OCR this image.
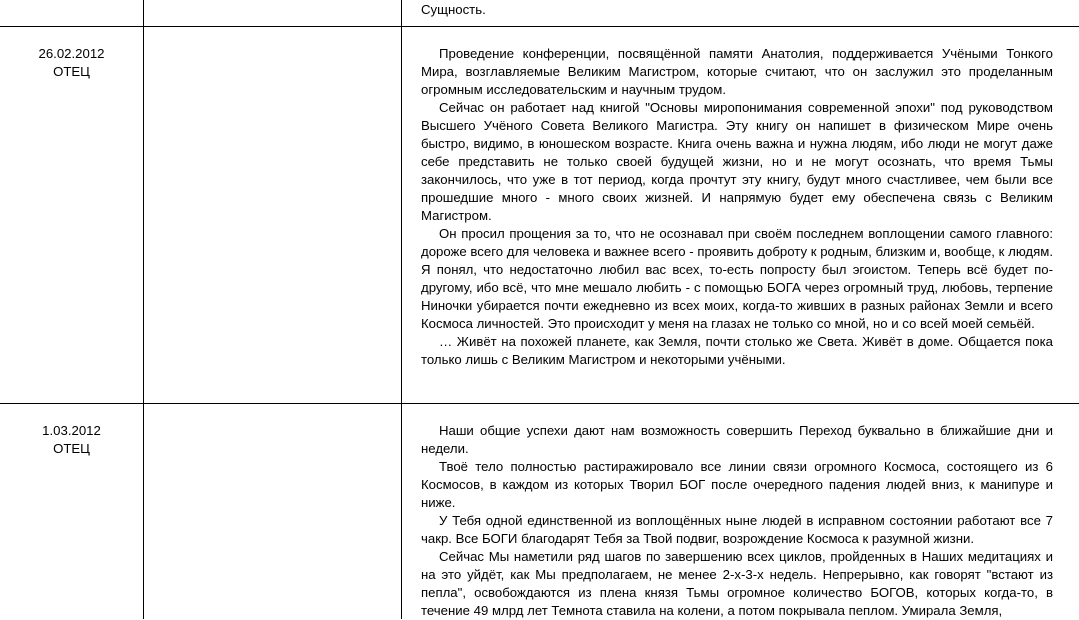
Сущность.

26.02.2012
ОТЕЦ

Проведение конференции, посвящённой памяти Анатолия, поддерживается Учёными Тонкого Мира, возглавляемые Великим Магистром, которые считают, что он заслужил это проделанным огромным исследовательским и научным трудом.

Сейчас он работает над книгой "Основы миропонимания современной эпохи" под руководством Высшего Учёного Совета Великого Магистра. Эту книгу он напишет в физическом Мире очень быстро, видимо, в юношеском возрасте. Книга очень важна и нужна людям, ибо люди не могут даже себе представить не только своей будущей жизни, но и не могут осознать, что время Тьмы закончилось, что уже в тот период, когда прочтут эту книгу, будут много счастливее, чем были все прошедшие много - много своих жизней. И напрямую будет ему обеспечена связь с Великим Магистром.

Он просил прощения за то, что не осознавал при своём последнем воплощении самого главного: дороже всего для человека и важнее всего - проявить доброту к родным, близким и, вообще, к людям. Я понял, что недостаточно любил вас всех, то-есть попросту был эгоистом. Теперь всё будет по-другому, ибо всё, что мне мешало любить - с помощью БОГА через огромный труд, любовь, терпение Ниночки убирается почти ежедневно из всех моих, когда-то живших в разных районах Земли и всего Космоса личностей. Это происходит у меня на глазах не только со мной, но и со всей моей семьёй.

… Живёт на похожей планете, как Земля, почти столько же Света. Живёт в доме. Общается пока только лишь с Великим Магистром и некоторыми учёными.

1.03.2012
ОТЕЦ

Наши общие успехи дают нам возможность совершить Переход буквально в ближайшие дни и недели.

Твоё тело полностью растиражировало все линии связи огромного Космоса, состоящего из 6 Космосов, в каждом из которых Творил БОГ после очередного падения людей вниз, к манипуре и ниже.

У Тебя одной единственной из воплощённых ныне людей в исправном состоянии работают все 7 чакр. Все БОГИ благодарят Тебя за Твой подвиг, возрождение Космоса к разумной жизни.

Сейчас Мы наметили ряд шагов по завершению всех циклов, пройденных в Наших медитациях и на это уйдёт, как Мы предполагаем, не менее 2-х-3-х недель. Непрерывно, как говорят "встают из пепла", освобождаются из плена князя Тьмы огромное количество БОГОВ, которых когда-то, в течение 49 млрд лет Темнота ставила на колени, а потом покрывала пеплом. Умирала Земля,
